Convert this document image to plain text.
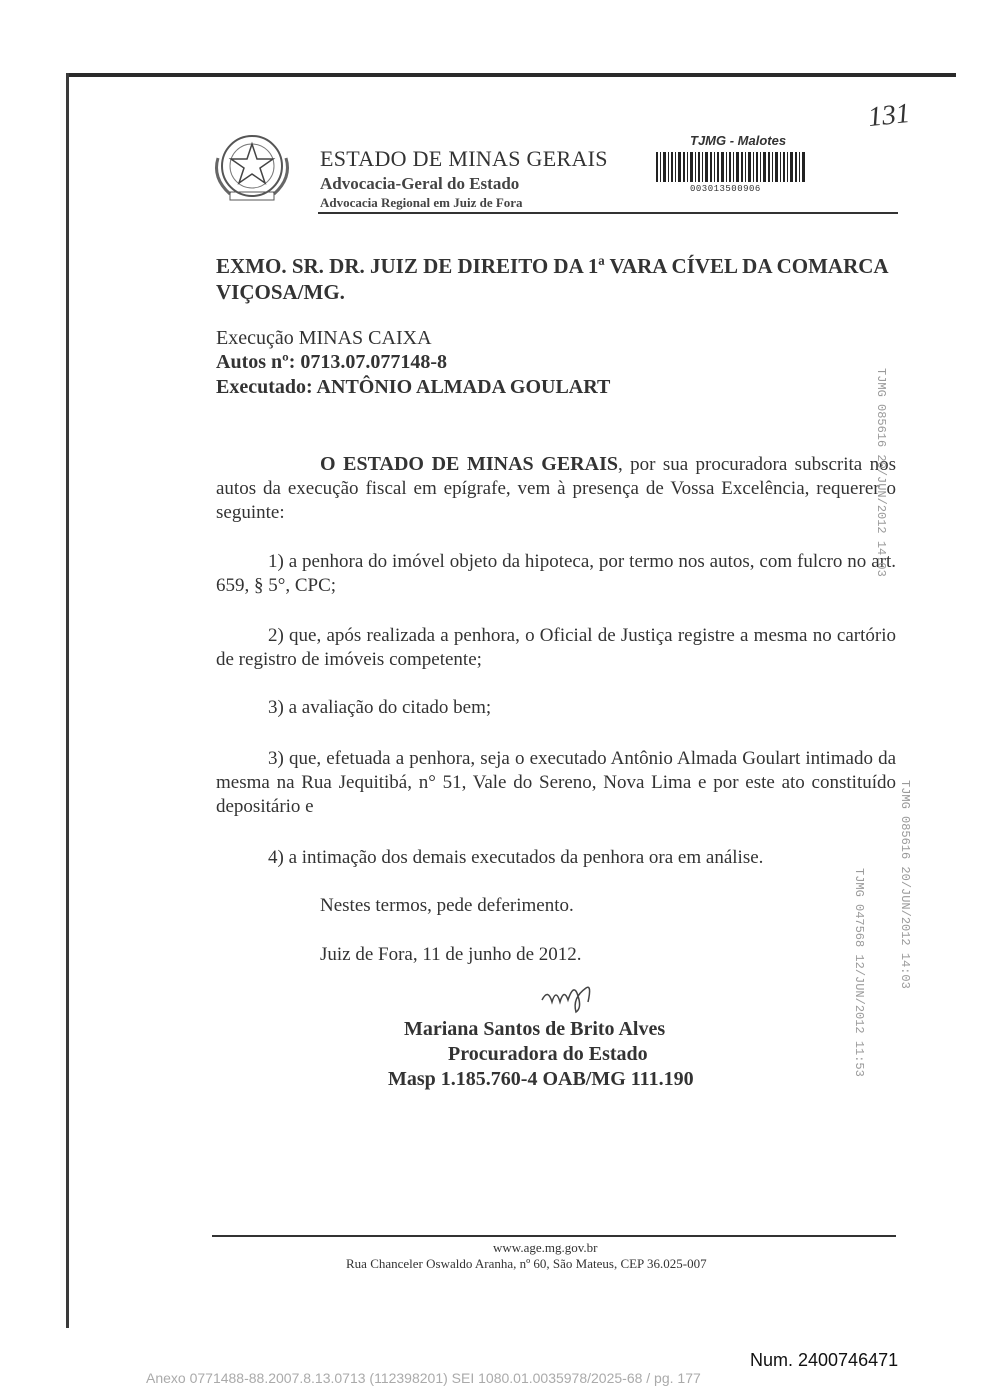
ESTADO DE MINAS GERAIS
Advocacia-Geral do Estado
Advocacia Regional em Juiz de Fora
TJMG - Malotes
003013500906
131
EXMO. SR. DR. JUIZ DE DIREITO DA 1ª VARA CÍVEL DA COMARCA VIÇOSA/MG.
Execução MINAS CAIXA
Autos nº: 0713.07.077148-8
Executado: ANTÔNIO ALMADA GOULART
O ESTADO DE MINAS GERAIS, por sua procuradora subscrita nos autos da execução fiscal em epígrafe, vem à presença de Vossa Excelência, requerer o seguinte:
1) a penhora do imóvel objeto da hipoteca, por termo nos autos, com fulcro no art. 659, § 5°, CPC;
2) que, após realizada a penhora, o Oficial de Justiça registre a mesma no cartório de registro de imóveis competente;
3) a avaliação do citado bem;
3) que, efetuada a penhora, seja o executado Antônio Almada Goulart intimado da mesma na Rua Jequitibá, n° 51, Vale do Sereno, Nova Lima e por este ato constituído depositário e
4) a intimação dos demais executados da penhora ora em análise.
Nestes termos, pede deferimento.
Juiz de Fora, 11 de junho de 2012.
Mariana Santos de Brito Alves
Procuradora do Estado
Masp 1.185.760-4 OAB/MG 111.190
www.age.mg.gov.br
Rua Chanceler Oswaldo Aranha, nº 60, São Mateus, CEP 36.025-007
TJMG 085616 20/JUN/2012 14:03
TJMG 085616 20/JUN/2012 14:03
TJMG 047568 12/JUN/2012 11:53
Num. 2400746471
Anexo 0771488-88.2007.8.13.0713 (112398201) SEI 1080.01.0035978/2025-68 / pg. 177
